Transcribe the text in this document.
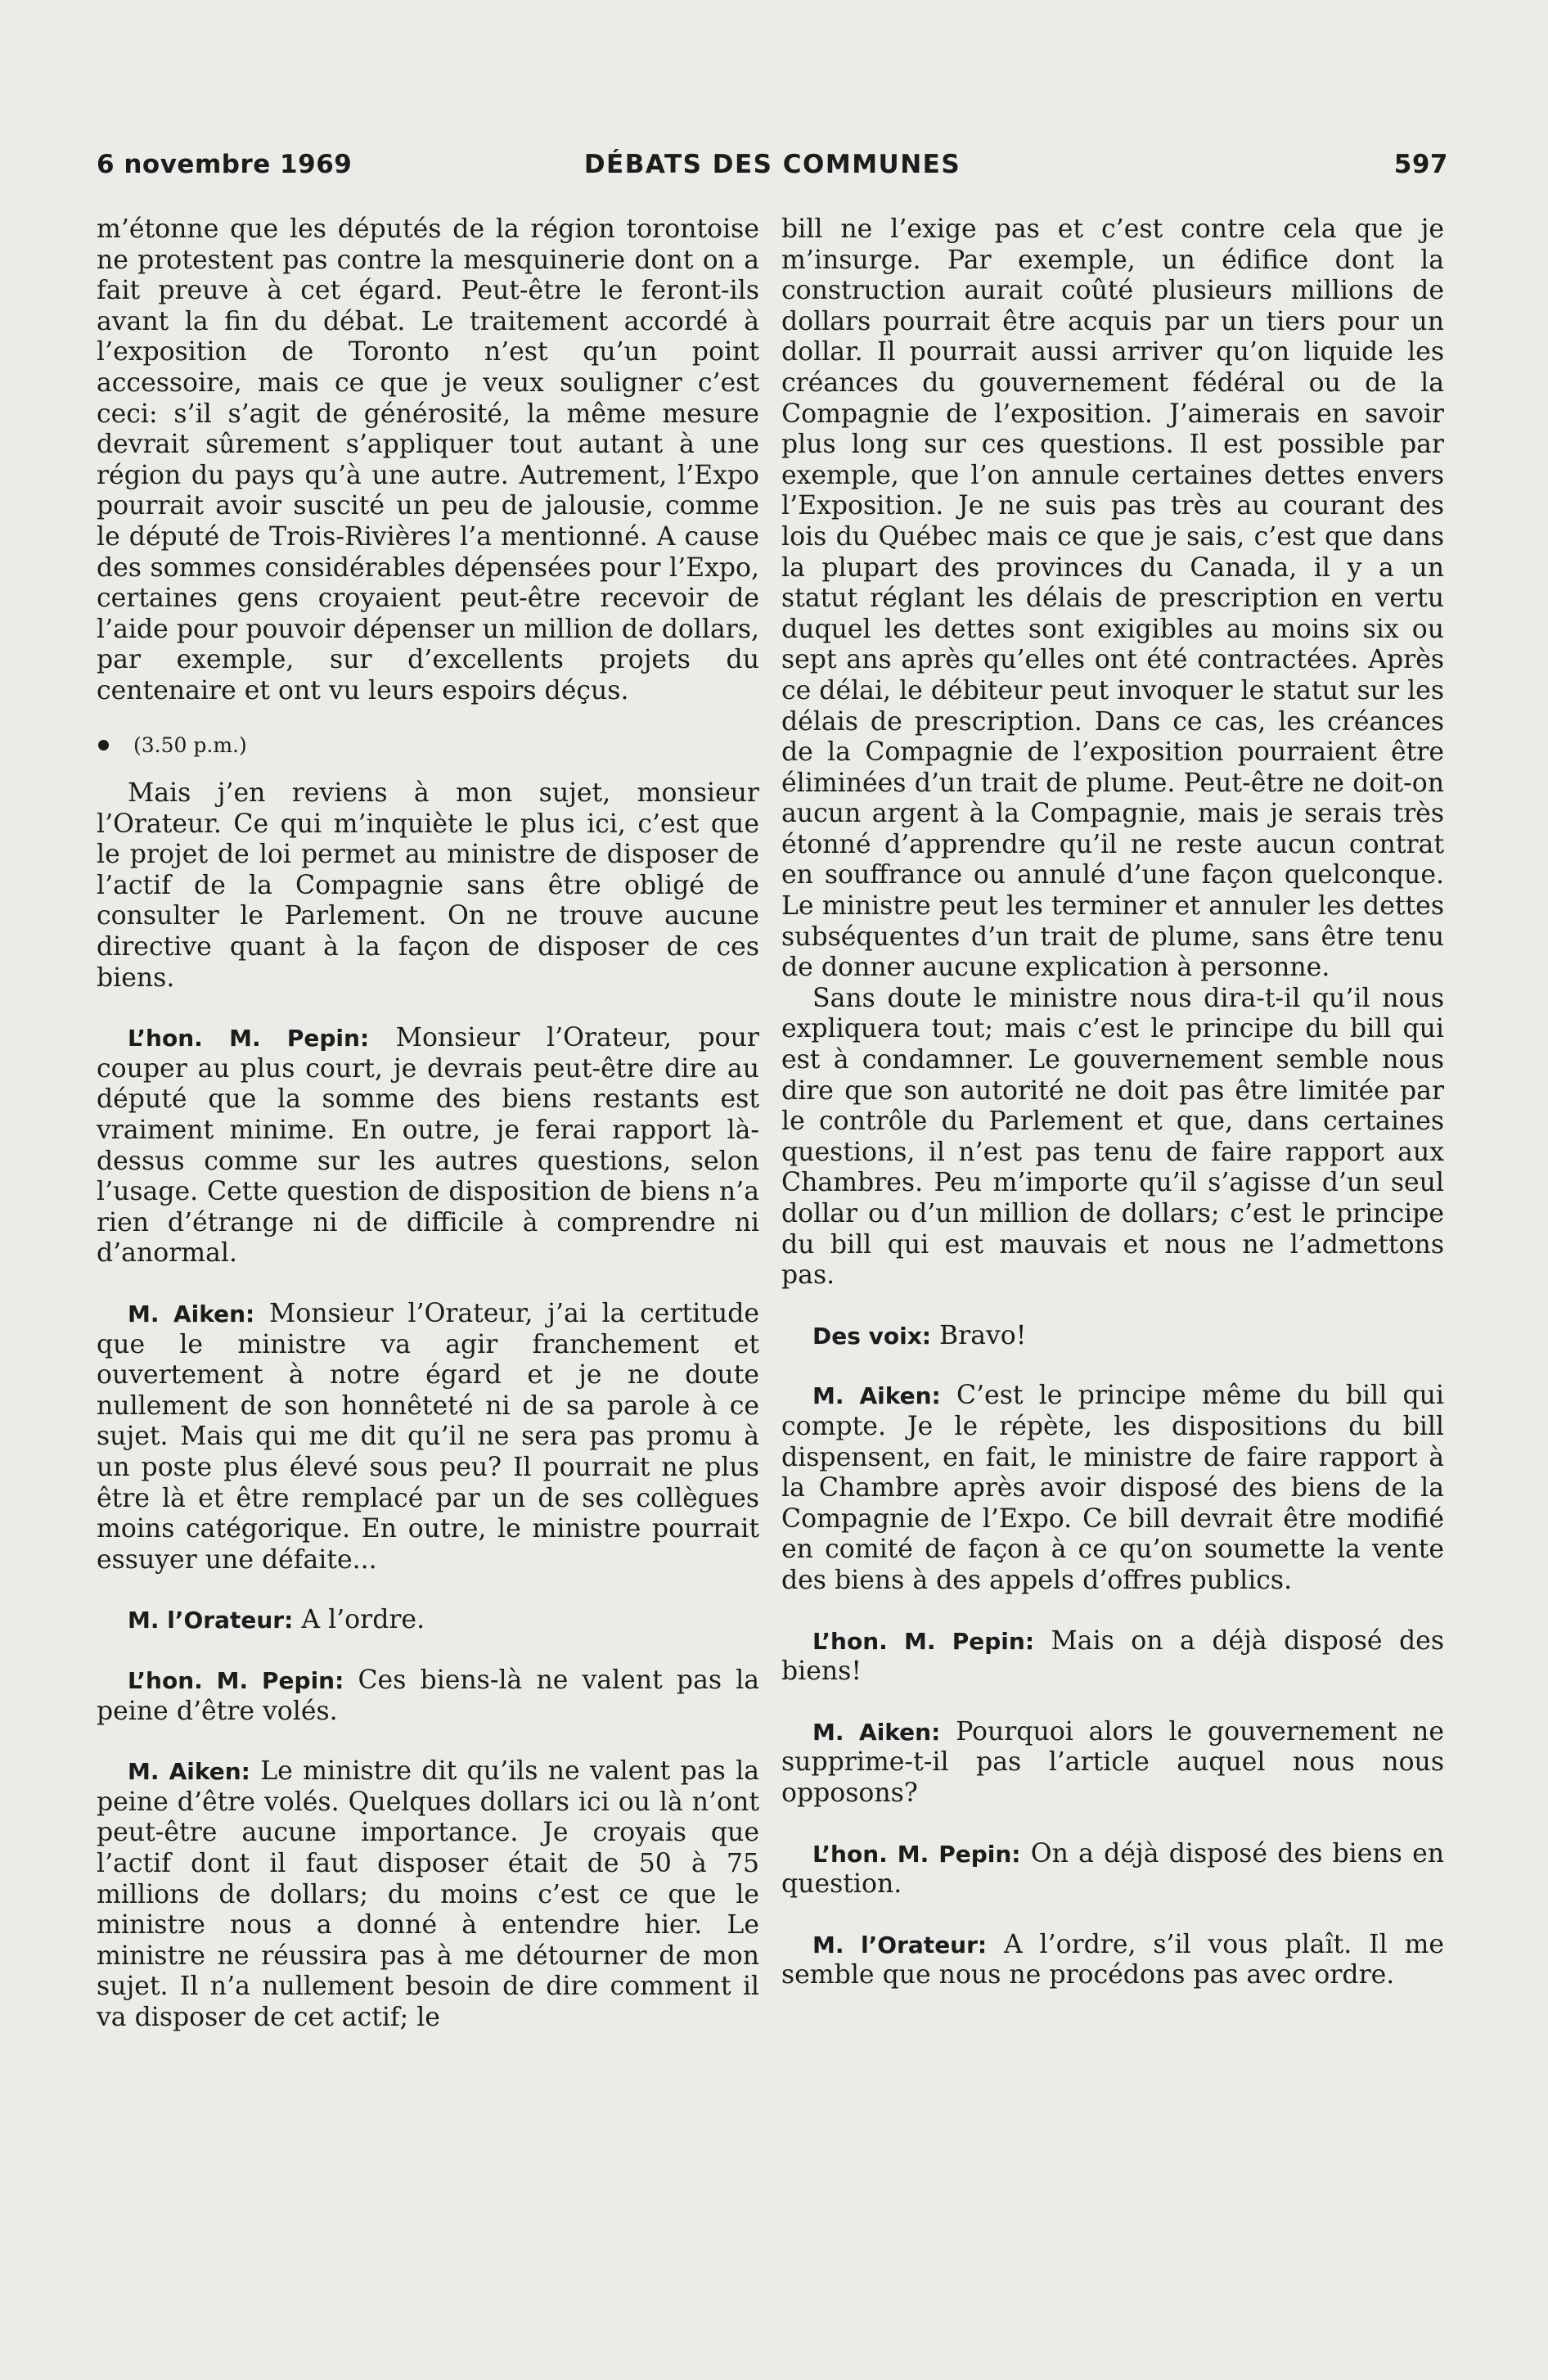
6 novembre 1969	DÉBATS DES COMMUNES	597

m’étonne que les députés de la région torontoise ne protestent pas contre la mesquinerie dont on a fait preuve à cet égard. Peut-être le feront-ils avant la fin du débat. Le traitement accordé à l’exposition de Toronto n’est qu’un point accessoire, mais ce que je veux souligner c’est ceci: s’il s’agit de générosité, la même mesure devrait sûrement s’appliquer tout autant à une région du pays qu’à une autre. Autrement, l’Expo pourrait avoir suscité un peu de jalousie, comme le député de Trois-Rivières l’a mentionné. A cause des sommes considérables dépensées pour l’Expo, certaines gens croyaient peut-être recevoir de l’aide pour pouvoir dépenser un million de dollars, par exemple, sur d’excellents projets du centenaire et ont vu leurs espoirs déçus.

(3.50 p.m.)

Mais j’en reviens à mon sujet, monsieur l’Orateur. Ce qui m’inquiète le plus ici, c’est que le projet de loi permet au ministre de disposer de l’actif de la Compagnie sans être obligé de consulter le Parlement. On ne trouve aucune directive quant à la façon de disposer de ces biens.

L’hon. M. Pepin: Monsieur l’Orateur, pour couper au plus court, je devrais peut-être dire au député que la somme des biens restants est vraiment minime. En outre, je ferai rapport là-dessus comme sur les autres questions, selon l’usage. Cette question de disposition de biens n’a rien d’étrange ni de difficile à comprendre ni d’anormal.

M. Aiken: Monsieur l’Orateur, j’ai la certitude que le ministre va agir franchement et ouvertement à notre égard et je ne doute nullement de son honnêteté ni de sa parole à ce sujet. Mais qui me dit qu’il ne sera pas promu à un poste plus élevé sous peu? Il pourrait ne plus être là et être remplacé par un de ses collègues moins catégorique. En outre, le ministre pourrait essuyer une défaite...

M. l’Orateur: A l’ordre.

L’hon. M. Pepin: Ces biens-là ne valent pas la peine d’être volés.

M. Aiken: Le ministre dit qu’ils ne valent pas la peine d’être volés. Quelques dollars ici ou là n’ont peut-être aucune importance. Je croyais que l’actif dont il faut disposer était de 50 à 75 millions de dollars; du moins c’est ce que le ministre nous a donné à entendre hier. Le ministre ne réussira pas à me détourner de mon sujet. Il n’a nullement besoin de dire comment il va disposer de cet actif; le

bill ne l’exige pas et c’est contre cela que je m’insurge. Par exemple, un édifice dont la construction aurait coûté plusieurs millions de dollars pourrait être acquis par un tiers pour un dollar. Il pourrait aussi arriver qu’on liquide les créances du gouvernement fédéral ou de la Compagnie de l’exposition. J’aimerais en savoir plus long sur ces questions. Il est possible par exemple, que l’on annule certaines dettes envers l’Exposition. Je ne suis pas très au courant des lois du Québec mais ce que je sais, c’est que dans la plupart des provinces du Canada, il y a un statut réglant les délais de prescription en vertu duquel les dettes sont exigibles au moins six ou sept ans après qu’elles ont été contractées. Après ce délai, le débiteur peut invoquer le statut sur les délais de prescription. Dans ce cas, les créances de la Compagnie de l’exposition pourraient être éliminées d’un trait de plume. Peut-être ne doit-on aucun argent à la Compagnie, mais je serais très étonné d’apprendre qu’il ne reste aucun contrat en souffrance ou annulé d’une façon quelconque. Le ministre peut les terminer et annuler les dettes subséquentes d’un trait de plume, sans être tenu de donner aucune explication à personne.

Sans doute le ministre nous dira-t-il qu’il nous expliquera tout; mais c’est le principe du bill qui est à condamner. Le gouvernement semble nous dire que son autorité ne doit pas être limitée par le contrôle du Parlement et que, dans certaines questions, il n’est pas tenu de faire rapport aux Chambres. Peu m’importe qu’il s’agisse d’un seul dollar ou d’un million de dollars; c’est le principe du bill qui est mauvais et nous ne l’admettons pas.

Des voix: Bravo!

M. Aiken: C’est le principe même du bill qui compte. Je le répète, les dispositions du bill dispensent, en fait, le ministre de faire rapport à la Chambre après avoir disposé des biens de la Compagnie de l’Expo. Ce bill devrait être modifié en comité de façon à ce qu’on soumette la vente des biens à des appels d’offres publics.

L’hon. M. Pepin: Mais on a déjà disposé des biens!

M. Aiken: Pourquoi alors le gouvernement ne supprime-t-il pas l’article auquel nous nous opposons?

L’hon. M. Pepin: On a déjà disposé des biens en question.

M. l’Orateur: A l’ordre, s’il vous plaît. Il me semble que nous ne procédons pas avec ordre.
